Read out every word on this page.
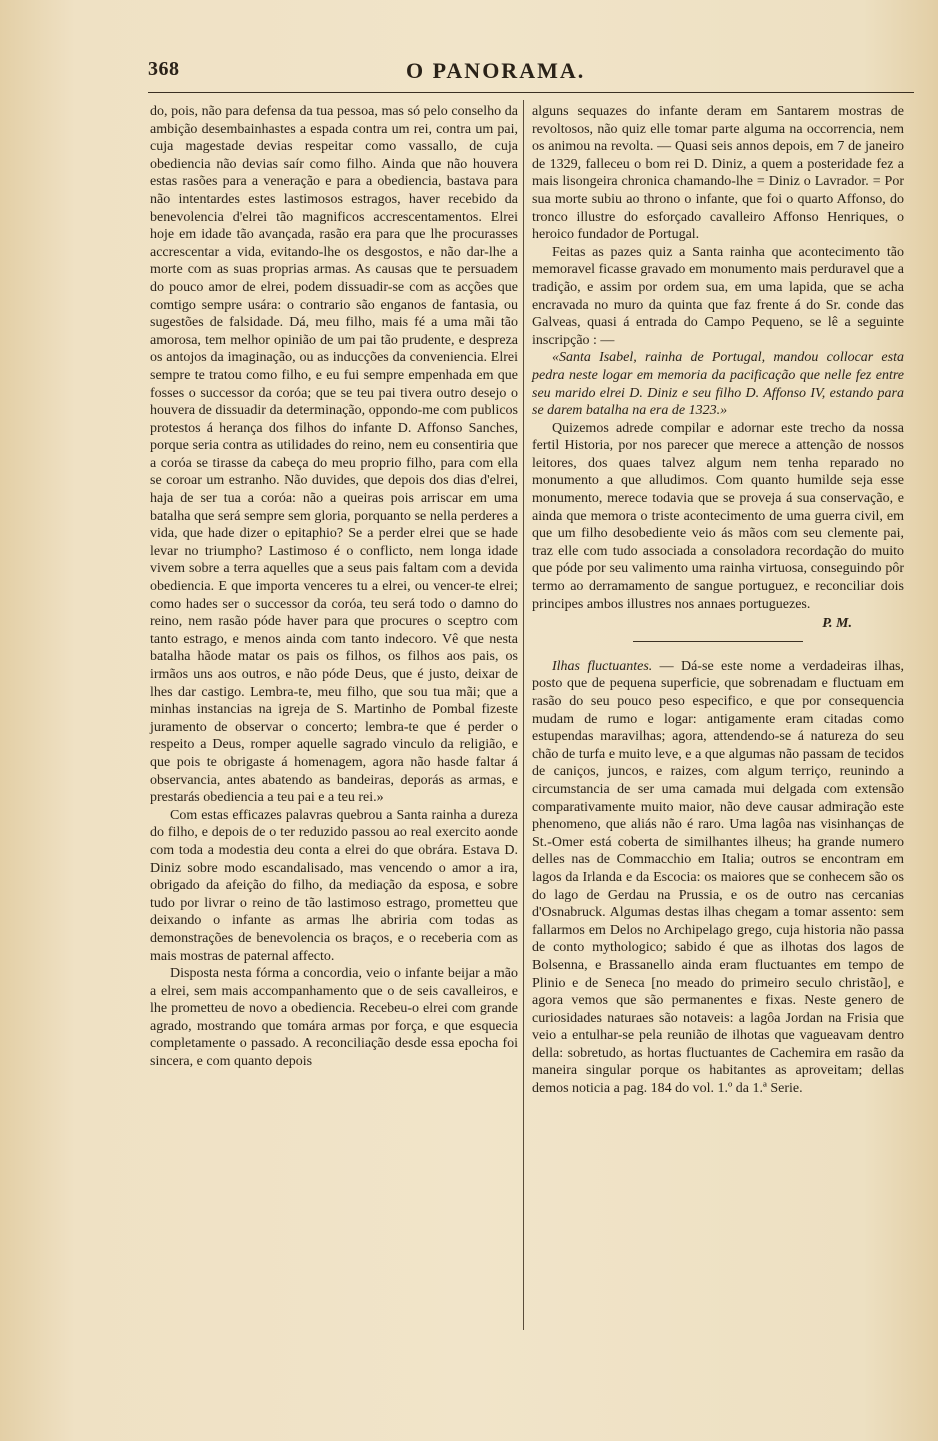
368	O PANORAMA.

do, pois, não para defensa da tua pessoa, mas só pelo conselho da ambição desembainhastes a espada contra um rei, contra um pai, cuja magestade devias respeitar como vassallo, de cuja obediencia não devias saír como filho. Ainda que não houvera estas rasões para a veneração e para a obediencia, bastava para não intentardes estes lastimosos estragos, haver recebido da benevolencia d'elrei tão magnificos accrescentamentos. Elrei hoje em idade tão avançada, rasão era para que lhe procurasses accrescentar a vida, evitando-lhe os desgostos, e não dar-lhe a morte com as suas proprias armas. As causas que te persuadem do pouco amor de elrei, podem dissuadir-se com as acções que comtigo sempre usára: o contrario são enganos de fantasia, ou sugestões de falsidade. Dá, meu filho, mais fé a uma mãi tão amorosa, tem melhor opinião de um pai tão prudente, e despreza os antojos da imaginação, ou as inducções da conveniencia. Elrei sempre te tratou como filho, e eu fui sempre empenhada em que fosses o successor da coróa; que se teu pai tivera outro desejo o houvera de dissuadir da determinação, oppondo-me com publicos protestos á herança dos filhos do infante D. Affonso Sanches, porque seria contra as utilidades do reino, nem eu consentiria que a coróa se tirasse da cabeça do meu proprio filho, para com ella se coroar um estranho. Não duvides, que depois dos dias d'elrei, haja de ser tua a coróa: não a queiras pois arriscar em uma batalha que será sempre sem gloria, porquanto se nella perderes a vida, que hade dizer o epitaphio? Se a perder elrei que se hade levar no triumpho? Lastimoso é o conflicto, nem longa idade vivem sobre a terra aquelles que a seus pais faltam com a devida obediencia. E que importa venceres tu a elrei, ou vencer-te elrei; como hades ser o successor da coróa, teu será todo o damno do reino, nem rasão póde haver para que procures o sceptro com tanto estrago, e menos ainda com tanto indecoro. Vê que nesta batalha hãode matar os pais os filhos, os filhos aos pais, os irmãos uns aos outros, e não póde Deus, que é justo, deixar de lhes dar castigo. Lembra-te, meu filho, que sou tua mãi; que a minhas instancias na igreja de S. Martinho de Pombal fizeste juramento de observar o concerto; lembra-te que é perder o respeito a Deus, romper aquelle sagrado vinculo da religião, e que pois te obrigaste á homenagem, agora não hasde faltar á observancia, antes abatendo as bandeiras, deporás as armas, e prestarás obediencia a teu pai e a teu rei.»

Com estas efficazes palavras quebrou a Santa rainha a dureza do filho, e depois de o ter reduzido passou ao real exercito aonde com toda a modestia deu conta a elrei do que obrára. Estava D. Diniz sobre modo escandalisado, mas vencendo o amor a ira, obrigado da afeição do filho, da mediação da esposa, e sobre tudo por livrar o reino de tão lastimoso estrago, prometteu que deixando o infante as armas lhe abriria com todas as demonstrações de benevolencia os braços, e o receberia com as mais mostras de paternal affecto.

Disposta nesta fórma a concordia, veio o infante beijar a mão a elrei, sem mais accompanhamento que o de seis cavalleiros, e lhe prometteu de novo a obediencia. Recebeu-o elrei com grande agrado, mostrando que tomára armas por força, e que esquecia completamente o passado. A reconciliação desde essa epocha foi sincera, e com quanto depois

alguns sequazes do infante deram em Santarem mostras de revoltosos, não quiz elle tomar parte alguma na occorrencia, nem os animou na revolta. — Quasi seis annos depois, em 7 de janeiro de 1329, falleceu o bom rei D. Diniz, a quem a posteridade fez a mais lisongeira chronica chamando-lhe = Diniz o Lavrador. = Por sua morte subiu ao throno o infante, que foi o quarto Affonso, do tronco illustre do esforçado cavalleiro Affonso Henriques, o heroico fundador de Portugal.

Feitas as pazes quiz a Santa rainha que acontecimento tão memoravel ficasse gravado em monumento mais perduravel que a tradição, e assim por ordem sua, em uma lapida, que se acha encravada no muro da quinta que faz frente á do Sr. conde das Galveas, quasi á entrada do Campo Pequeno, se lê a seguinte inscripção : —

«Santa Isabel, rainha de Portugal, mandou collocar esta pedra neste logar em memoria da pacificação que nelle fez entre seu marido elrei D. Diniz e seu filho D. Affonso IV, estando para se darem batalha na era de 1323.»

Quizemos adrede compilar e adornar este trecho da nossa fertil Historia, por nos parecer que merece a attenção de nossos leitores, dos quaes talvez algum nem tenha reparado no monumento a que alludimos. Com quanto humilde seja esse monumento, merece todavia que se proveja á sua conservação, e ainda que memora o triste acontecimento de uma guerra civil, em que um filho desobediente veio ás mãos com seu clemente pai, traz elle com tudo associada a consoladora recordação do muito que póde por seu valimento uma rainha virtuosa, conseguindo pôr termo ao derramamento de sangue portuguez, e reconciliar dois principes ambos illustres nos annaes portuguezes.

P. M.

Ilhas fluctuantes. — Dá-se este nome a verdadeiras ilhas, posto que de pequena superficie, que sobrenadam e fluctuam em rasão do seu pouco peso especifico, e que por consequencia mudam de rumo e logar: antigamente eram citadas como estupendas maravilhas; agora, attendendo-se á natureza do seu chão de turfa e muito leve, e a que algumas não passam de tecidos de caniços, juncos, e raizes, com algum terriço, reunindo a circumstancia de ser uma camada mui delgada com extensão comparativamente muito maior, não deve causar admiração este phenomeno, que aliás não é raro. Uma lagôa nas visinhanças de St.-Omer está coberta de similhantes ilheus; ha grande numero delles nas de Commacchio em Italia; outros se encontram em lagos da Irlanda e da Escocia: os maiores que se conhecem são os do lago de Gerdau na Prussia, e os de outro nas cercanias d'Osnabruck. Algumas destas ilhas chegam a tomar assento: sem fallarmos em Delos no Archipelago grego, cuja historia não passa de conto mythologico; sabido é que as ilhotas dos lagos de Bolsenna, e Brassanello ainda eram fluctuantes em tempo de Plinio e de Seneca [no meado do primeiro seculo christão], e agora vemos que são permanentes e fixas. Neste genero de curiosidades naturaes são notaveis: a lagôa Jordan na Frisia que veio a entulhar-se pela reunião de ilhotas que vagueavam dentro della: sobretudo, as hortas fluctuantes de Cachemira em rasão da maneira singular porque os habitantes as aproveitam; dellas demos noticia a pag. 184 do vol. 1.º da 1.ª Serie.
